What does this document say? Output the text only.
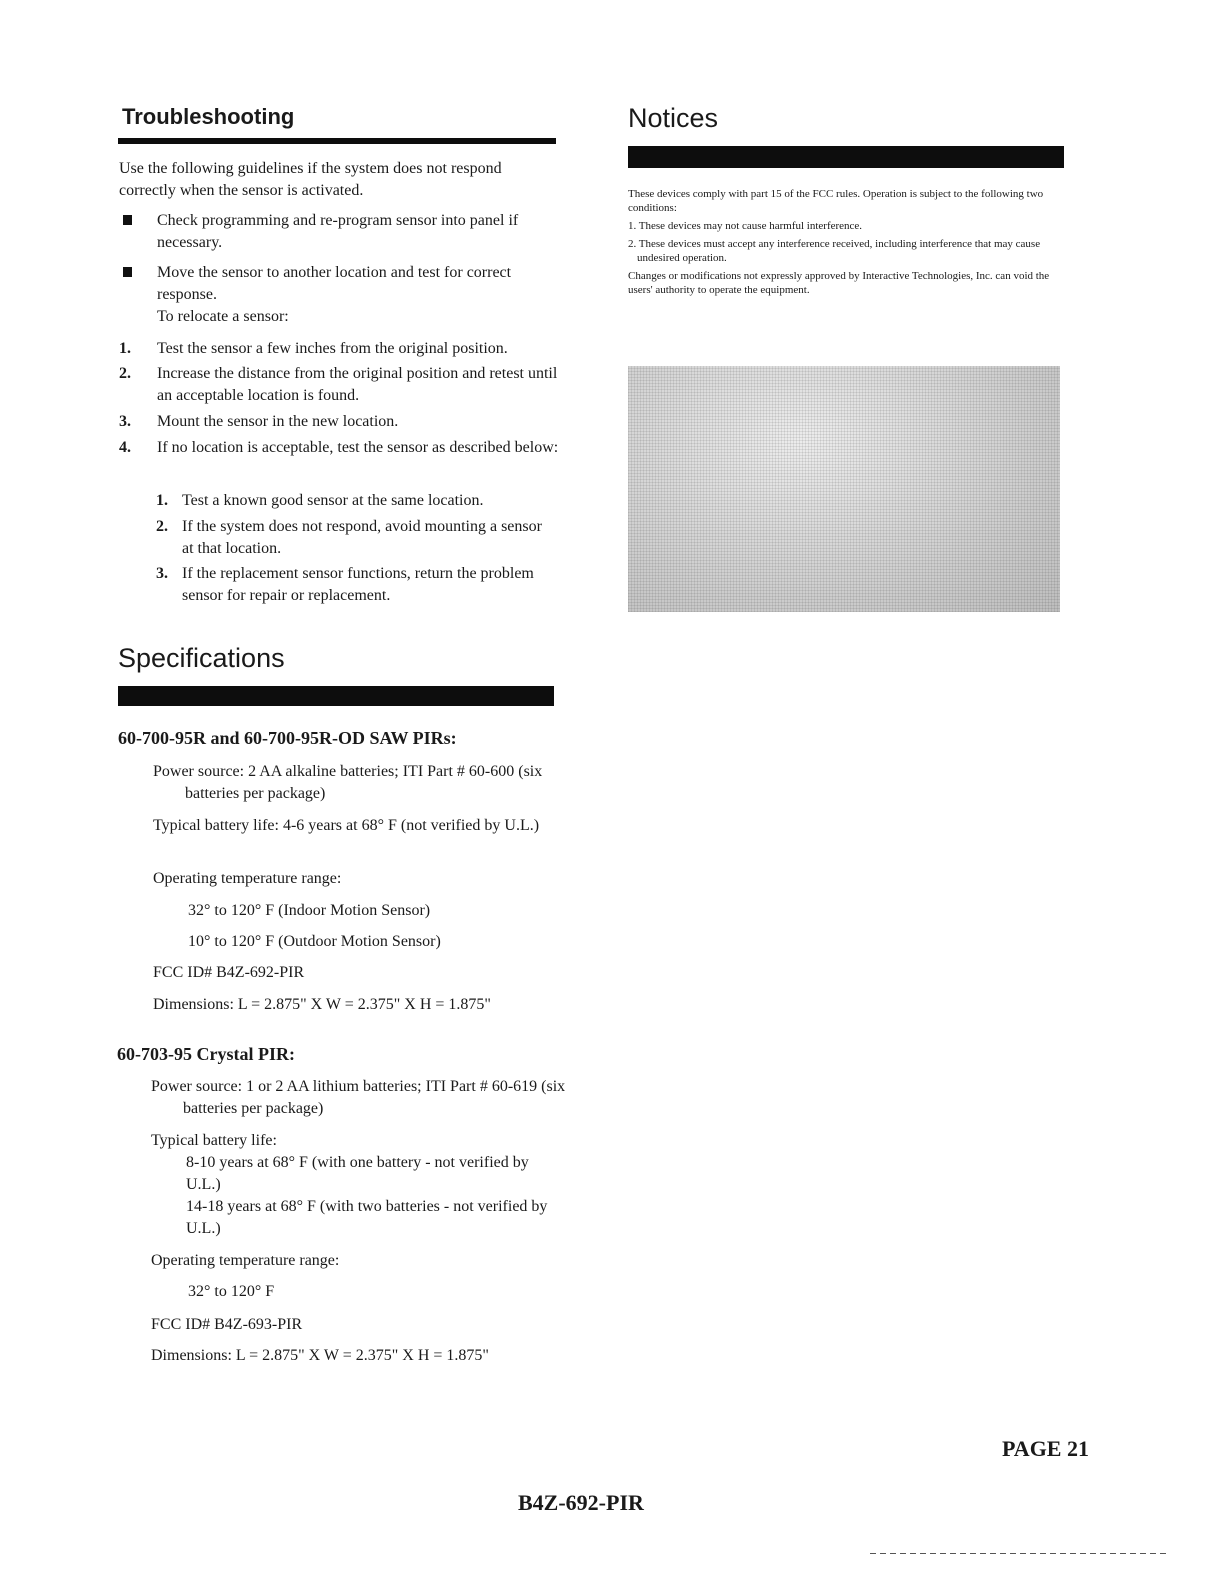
Troubleshooting

Use the following guidelines if the system does not respond correctly when the sensor is activated.

Check programming and re-program sensor into panel if necessary.
Move the sensor to another location and test for correct response.
To relocate a sensor:
1. Test the sensor a few inches from the original position.
2. Increase the distance from the original position and retest until an acceptable location is found.
3. Mount the sensor in the new location.
4. If no location is acceptable, test the sensor as described below:
1. Test a known good sensor at the same location.
2. If the system does not respond, avoid mounting a sensor at that location.
3. If the replacement sensor functions, return the problem sensor for repair or replacement.
Notices

These devices comply with part 15 of the FCC rules. Operation is subject to the following two conditions:

1. These devices may not cause harmful interference.

2. These devices must accept any interference received, including interference that may cause undesired operation.

Changes or modifications not expressly approved by Interactive Technologies, Inc. can void the users' authority to operate the equipment.

Specifications
60-700-95R and 60-700-95R-OD SAW PIRs:
Power source: 2 AA alkaline batteries; ITI Part # 60-600 (six batteries per package)
Typical battery life: 4-6 years at 68° F (not verified by U.L.)
Operating temperature range:
32° to 120° F (Indoor Motion Sensor)
10° to 120° F (Outdoor Motion Sensor)
FCC ID# B4Z-692-PIR
Dimensions: L = 2.875" X W = 2.375" X H = 1.875"
60-703-95 Crystal PIR:
Power source: 1 or 2 AA lithium batteries; ITI Part # 60-619 (six batteries per package)
Typical battery life:
8-10 years at 68° F (with one battery - not verified by U.L.)
14-18 years at 68° F (with two batteries - not verified by U.L.)
Operating temperature range:
32° to 120° F
FCC ID# B4Z-693-PIR
Dimensions: L = 2.875" X W = 2.375" X H = 1.875"
PAGE 21
B4Z-692-PIR
